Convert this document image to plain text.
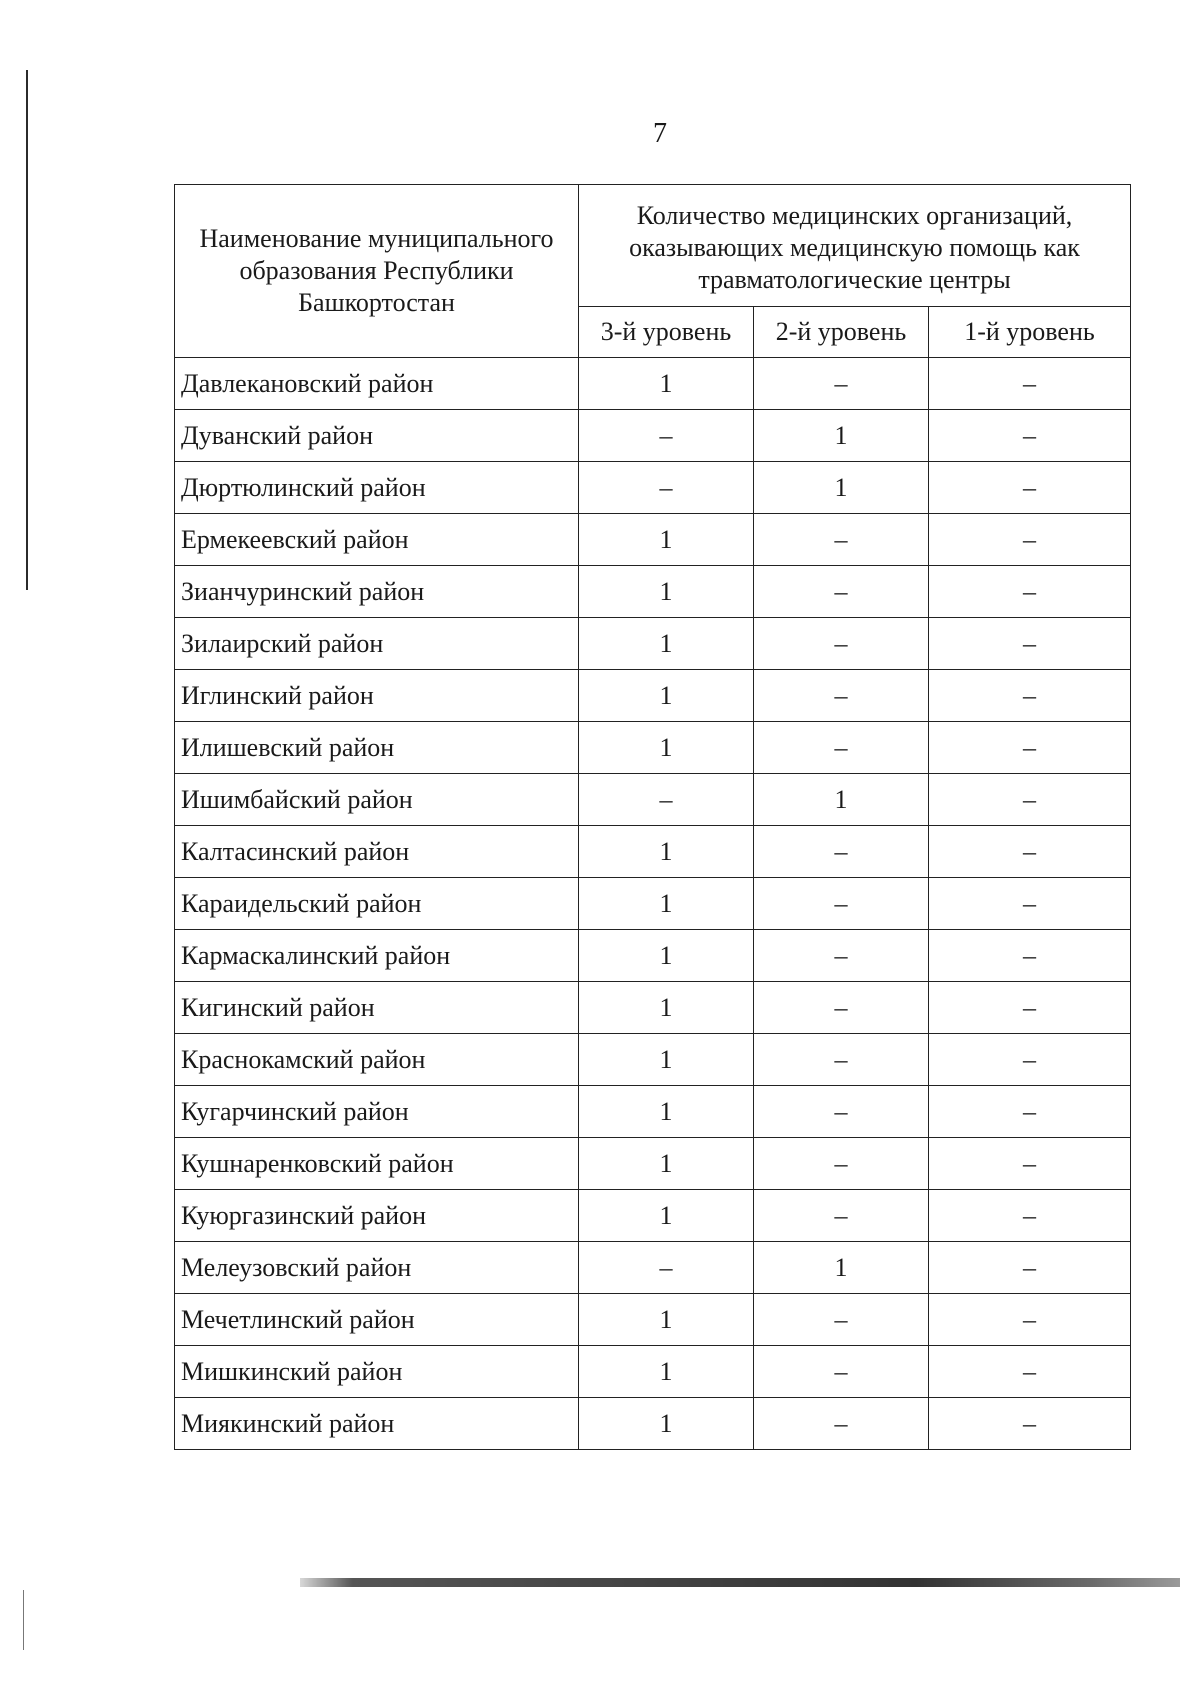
7
Наименование муниципального образования Республики Башкортостан	Количество медицинских организаций, оказывающих медицинскую помощь как травматологические центры		
	3-й уровень	2-й уровень	1-й уровень
Давлекановский район	1	–	–
Дуванский район	–	1	–
Дюртюлинский район	–	1	–
Ермекеевский район	1	–	–
Зианчуринский район	1	–	–
Зилаирский район	1	–	–
Иглинский район	1	–	–
Илишевский район	1	–	–
Ишимбайский район	–	1	–
Калтасинский район	1	–	–
Караидельский район	1	–	–
Кармаскалинский район	1	–	–
Кигинский район	1	–	–
Краснокамский район	1	–	–
Кугарчинский район	1	–	–
Кушнаренковский район	1	–	–
Куюргазинский район	1	–	–
Мелеузовский район	–	1	–
Мечетлинский район	1	–	–
Мишкинский район	1	–	–
Миякинский район	1	–	–
